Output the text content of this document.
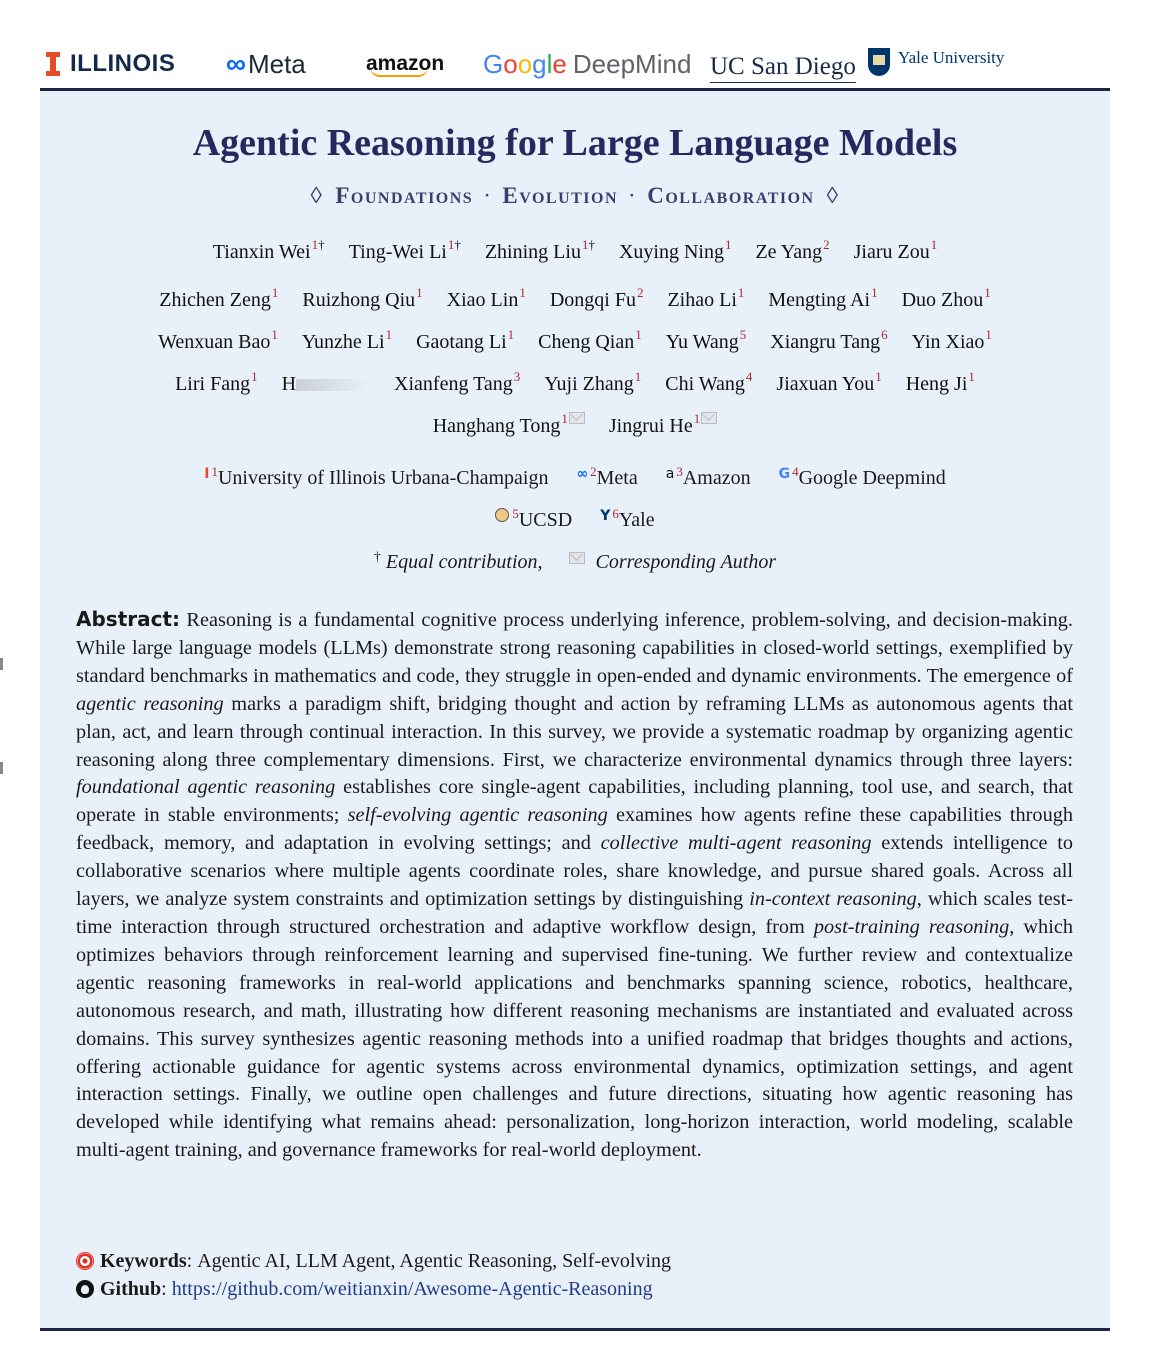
ILLINOIS ∞ Meta	amazon G o o g l e DeepMind UC San Diego Yale University
Agentic Reasoning for Large Language Models
◊ Foundations · Evolution · Collaboration ◊
Tianxin Wei$^{1\dagger}$ Ting-Wei $Li^{1\dagger}$ Zhining Liu$^{1\dagger}$ Xuying Ning$^1$ Ze Yang$^2$ Jiaru Zou$^1$
Zhichen Zeng$^1$ Ruizhong Qiu$^1$ Xiao Lin$^1$ Dongqi Fu$^2$ Zihao Li$^1$ Mengting Ai$^1$ Duo Zhou$^1$
Wenxuan Bao$^1$ Yunzhe Li$^1$ Gaotang Li$^1$ Cheng Qian$^1$ Yu Wang$^5$ Xiangru Tang$^6$ Yin Xiao$^1$
Liri Fang$^1$ H	Xianfeng Tang$^3$ Yuji Zhang$^1$ Chi Wang$^4$ Jiaxuan You$^1$ Heng Ji$^1$
Hanghang Tong$^1$ Jingrui He$^1$
$^I$ $^1$University of Illinois Urbana-Champaign ∞ $^2$Meta $^a$ $^3$Amazon $^G$ $^4$Google Deepmind
$^5$UCSD $^Y$ $^6$Yale
† Equal contribution,	Corresponding Author
Abstract: Reasoning is a fundamental cognitive process underlying inference, problem-solving, and decision-making. While large language models (LLMs) demonstrate strong reasoning capabilities in closed-world settings, exemplified by standard benchmarks in mathematics and code, they struggle in open-ended and dynamic environments. The emergence of agentic reasoning marks a paradigm shift, bridging thought and action by reframing LLMs as autonomous agents that plan, act, and learn through continual interaction. In this survey, we provide a systematic roadmap by organizing agentic reasoning along three complementary dimensions. First, we characterize environmental dynamics through three layers: foundational agentic reasoning establishes core single-agent capabilities, including planning, tool use, and search, that operate in stable environments; self-evolving agentic reasoning examines how agents refine these capabilities through feedback, memory, and adaptation in evolving settings; and collective multi-agent reasoning extends intelligence to collaborative scenarios where multiple agents coordinate roles, share knowledge, and pursue shared goals. Across all layers, we analyze system constraints and optimization settings by distinguishing in-context reasoning, which scales test-time interaction through structured orchestration and adaptive workflow design, from post-training reasoning, which optimizes behaviors through reinforcement learning and supervised fine-tuning. We further review and contextualize agentic reasoning frameworks in real-world applications and benchmarks spanning science, robotics, healthcare, autonomous research, and math, illustrating how different reasoning mechanisms are instantiated and evaluated across domains. This survey synthesizes agentic reasoning methods into a unified roadmap that bridges thoughts and actions, offering actionable guidance for agentic systems across environmental dynamics, optimization settings, and agent interaction settings. Finally, we outline open challenges and future directions, situating how agentic reasoning has developed while identifying what remains ahead: personalization, long-horizon interaction, world modeling, scalable multi-agent training, and governance frameworks for real-world deployment.
Keywords : Agentic AI, LLM Agent, Agentic Reasoning, Self-evolving
Github : https://github.com/weitianxin/Awesome-Agentic-Reasoning
